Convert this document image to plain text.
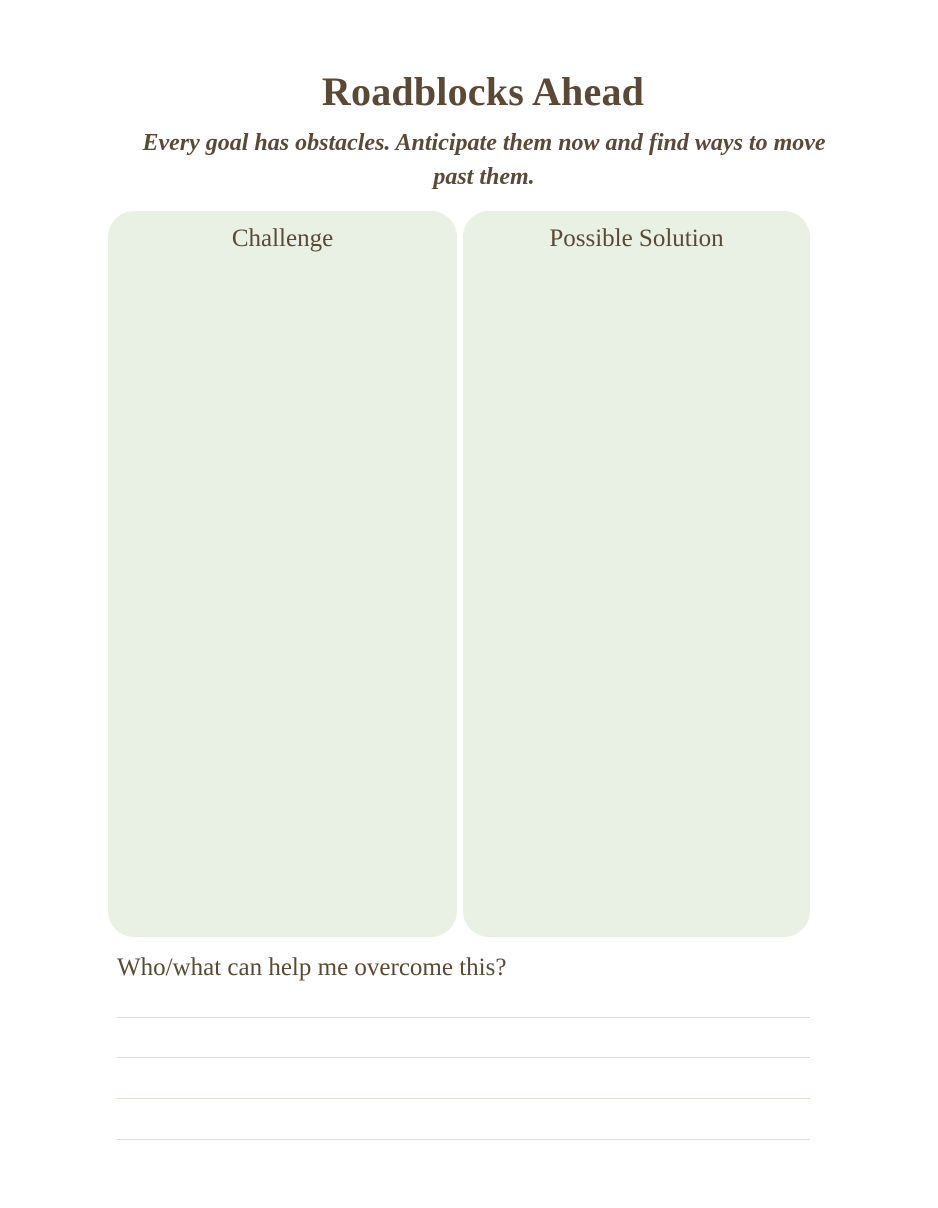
Roadblocks Ahead

Every goal has obstacles. Anticipate them now and find ways to move past them.

Challenge	Possible Solution
Who/what can help me overcome this?
